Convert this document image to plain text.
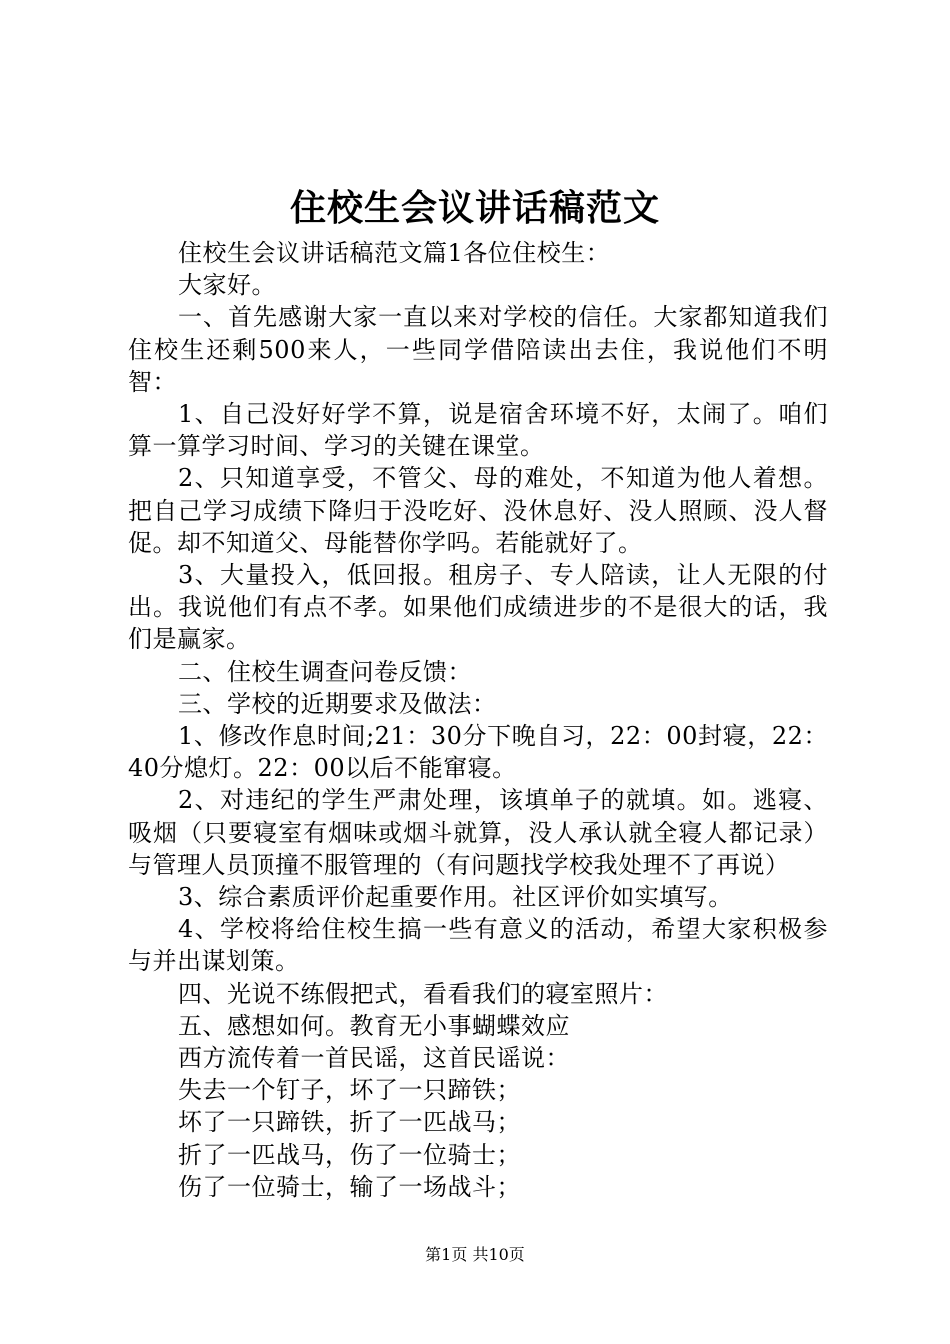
住校生会议讲话稿范文

住校生会议讲话稿范文篇1各位住校生：

大家好。

一、首先感谢大家一直以来对学校的信任。大家都知道我们住校生还剩500来人，一些同学借陪读出去住，我说他们不明智：

1、自己没好好学不算，说是宿舍环境不好，太闹了。咱们算一算学习时间、学习的关键在课堂。

2、只知道享受，不管父、母的难处，不知道为他人着想。把自己学习成绩下降归于没吃好、没休息好、没人照顾、没人督促。却不知道父、母能替你学吗。若能就好了。

3、大量投入，低回报。租房子、专人陪读，让人无限的付出。我说他们有点不孝。如果他们成绩进步的不是很大的话，我们是赢家。

二、住校生调查问卷反馈：

三、学校的近期要求及做法：

1、修改作息时间;21：30分下晚自习，22：00封寝，22：40分熄灯。22：00以后不能窜寝。

2、对违纪的学生严肃处理，该填单子的就填。如。逃寝、吸烟（只要寝室有烟味或烟斗就算，没人承认就全寝人都记录）与管理人员顶撞不服管理的（有问题找学校我处理不了再说）

3、综合素质评价起重要作用。社区评价如实填写。

4、学校将给住校生搞一些有意义的活动，希望大家积极参与并出谋划策。

四、光说不练假把式，看看我们的寝室照片：

五、感想如何。教育无小事蝴蝶效应

西方流传着一首民谣，这首民谣说：

失去一个钉子，坏了一只蹄铁；

坏了一只蹄铁，折了一匹战马；

折了一匹战马，伤了一位骑士；

伤了一位骑士，输了一场战斗；

第1页 共10页
